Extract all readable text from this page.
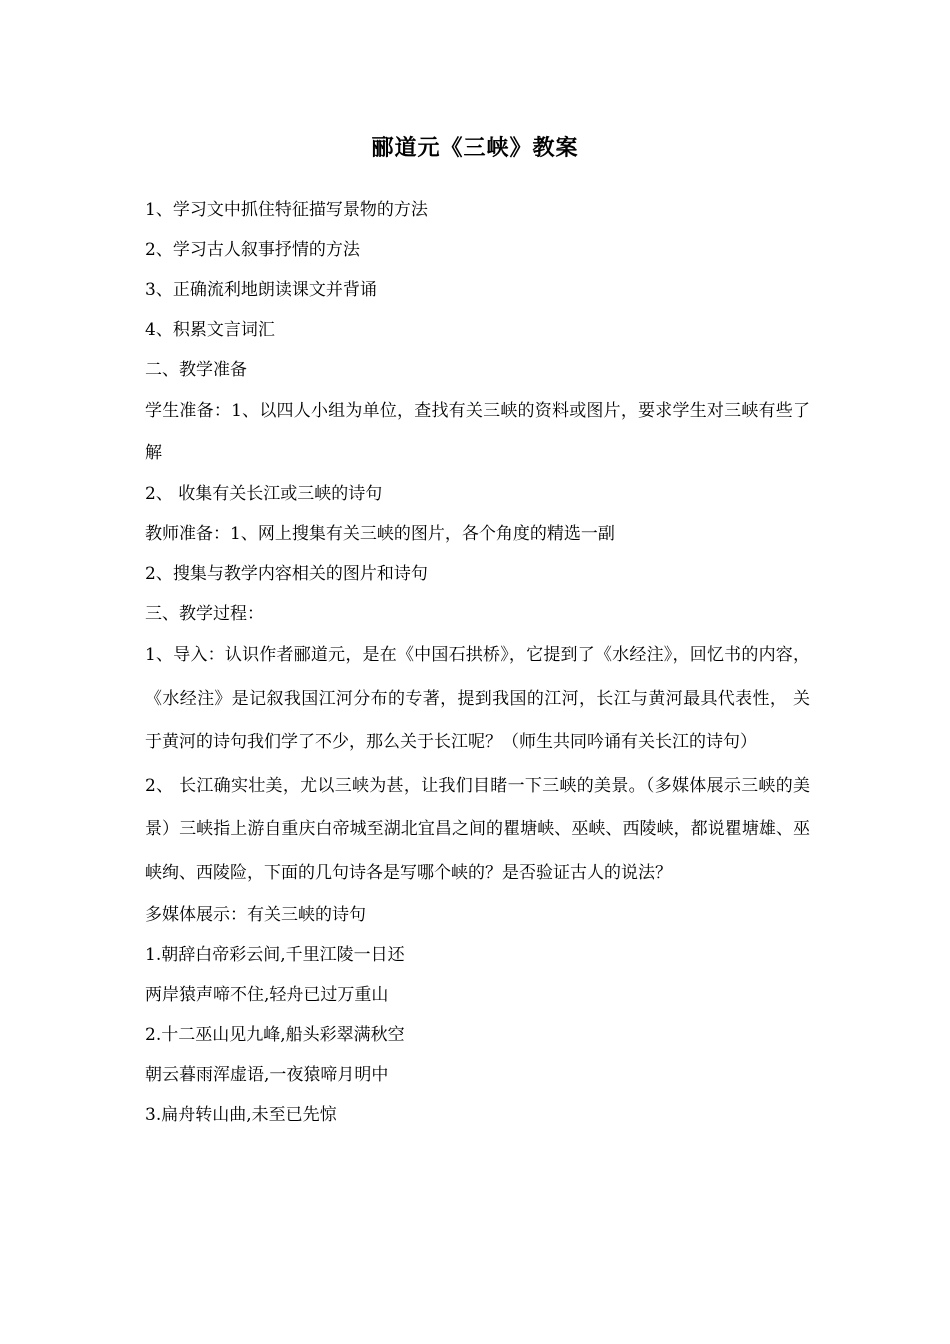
郦道元《三峡》教案
1、学习文中抓住特征描写景物的方法
2、学习古人叙事抒情的方法
3、正确流利地朗读课文并背诵
4、积累文言词汇
二、教学准备
学生准备：1、以四人小组为单位，查找有关三峡的资料或图片，要求学生对三峡有些了解
2、 收集有关长江或三峡的诗句
教师准备：1、网上搜集有关三峡的图片，各个角度的精选一副
2、搜集与教学内容相关的图片和诗句
三、教学过程：
1、导入：认识作者郦道元，是在《中国石拱桥》，它提到了《水经注》，回忆书的内容，《水经注》是记叙我国江河分布的专著，提到我国的江河，长江与黄河最具代表性， 关于黄河的诗句我们学了不少，那么关于长江呢？（师生共同吟诵有关长江的诗句）
2、 长江确实壮美，尤以三峡为甚，让我们目睹一下三峡的美景。（多媒体展示三峡的美景）三峡指上游自重庆白帝城至湖北宜昌之间的瞿塘峡、巫峡、西陵峡，都说瞿塘雄、巫峡绚、西陵险，下面的几句诗各是写哪个峡的？是否验证古人的说法？
多媒体展示：有关三峡的诗句
1.朝辞白帝彩云间,千里江陵一日还
两岸猿声啼不住,轻舟已过万重山
2.十二巫山见九峰,船头彩翠满秋空
朝云暮雨浑虚语,一夜猿啼月明中
3.扁舟转山曲,未至已先惊
